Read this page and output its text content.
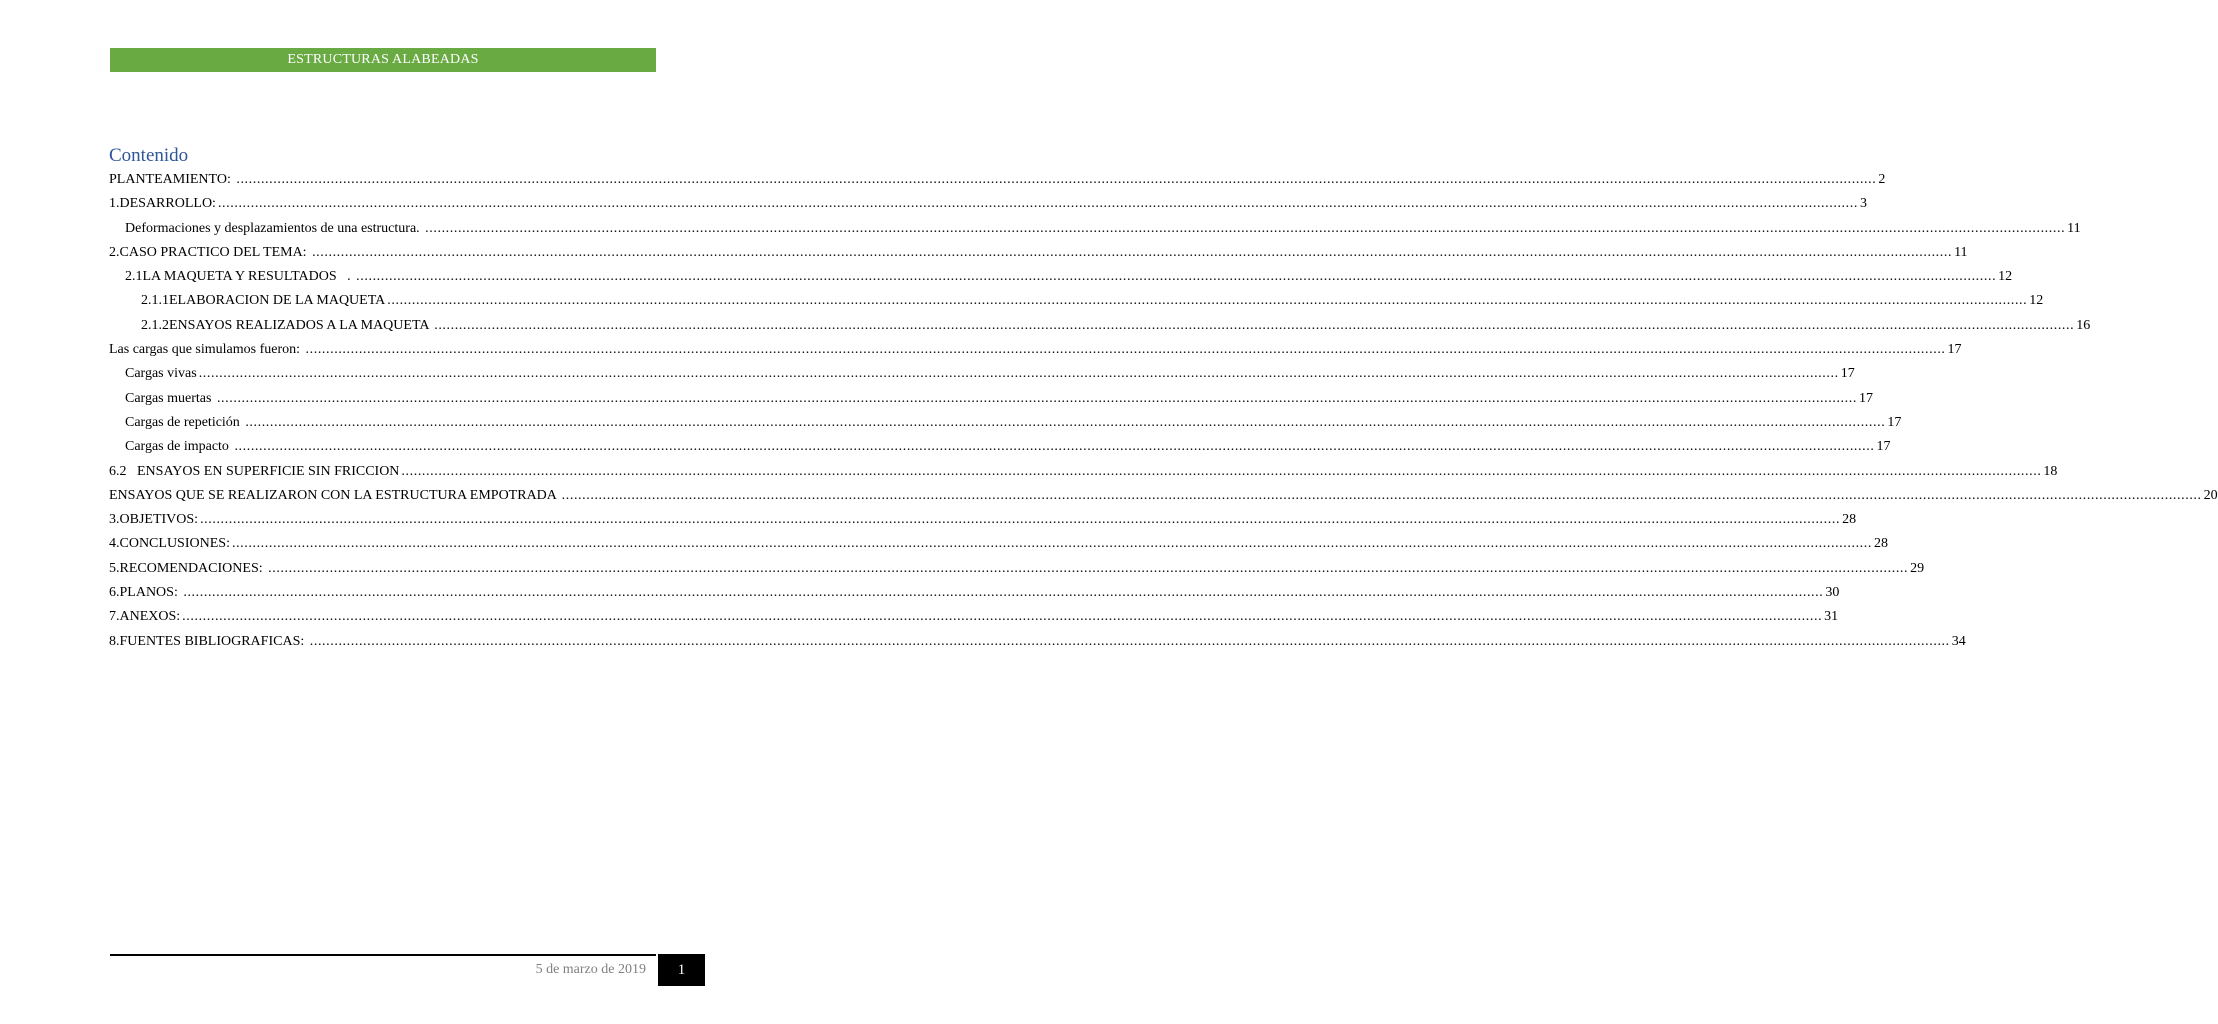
ESTRUCTURAS ALABEADAS
Contenido
PLANTEAMIENTO: ................................................................................................................................................................................................................................................................................................................................................................................................................ 2
1. DESARROLLO: ................................................................................................................................................................................................................................................................................................................................................................................................................ 3
Deformaciones y desplazamientos de una estructura. ................................................................................................................................................................................................................................................................................................................................................................................................................ 11
2. CASO PRACTICO DEL TEMA: ................................................................................................................................................................................................................................................................................................................................................................................................................ 11
2.1 LA MAQUETA Y RESULTADOS   . ................................................................................................................................................................................................................................................................................................................................................................................................................ 12
2.1.1 ELABORACION DE LA MAQUETA ................................................................................................................................................................................................................................................................................................................................................................................................................ 12
2.1.2 ENSAYOS REALIZADOS A LA MAQUETA ................................................................................................................................................................................................................................................................................................................................................................................................................ 16
Las cargas que simulamos fueron: ................................................................................................................................................................................................................................................................................................................................................................................................................ 17
Cargas vivas ................................................................................................................................................................................................................................................................................................................................................................................................................ 17
Cargas muertas ................................................................................................................................................................................................................................................................................................................................................................................................................ 17
Cargas de repetición ................................................................................................................................................................................................................................................................................................................................................................................................................ 17
Cargas de impacto ................................................................................................................................................................................................................................................................................................................................................................................................................ 17
6.2 ENSAYOS EN SUPERFICIE SIN FRICCION ................................................................................................................................................................................................................................................................................................................................................................................................................ 18
ENSAYOS QUE SE REALIZARON CON LA ESTRUCTURA EMPOTRADA ................................................................................................................................................................................................................................................................................................................................................................................................................ 20
3. OBJETIVOS: ................................................................................................................................................................................................................................................................................................................................................................................................................ 28
4. CONCLUSIONES: ................................................................................................................................................................................................................................................................................................................................................................................................................ 28
5. RECOMENDACIONES: ................................................................................................................................................................................................................................................................................................................................................................................................................ 29
6. PLANOS: ................................................................................................................................................................................................................................................................................................................................................................................................................ 30
7. ANEXOS: ................................................................................................................................................................................................................................................................................................................................................................................................................ 31
8. FUENTES BIBLIOGRAFICAS: ................................................................................................................................................................................................................................................................................................................................................................................................................ 34
5 de marzo de 2019	1
